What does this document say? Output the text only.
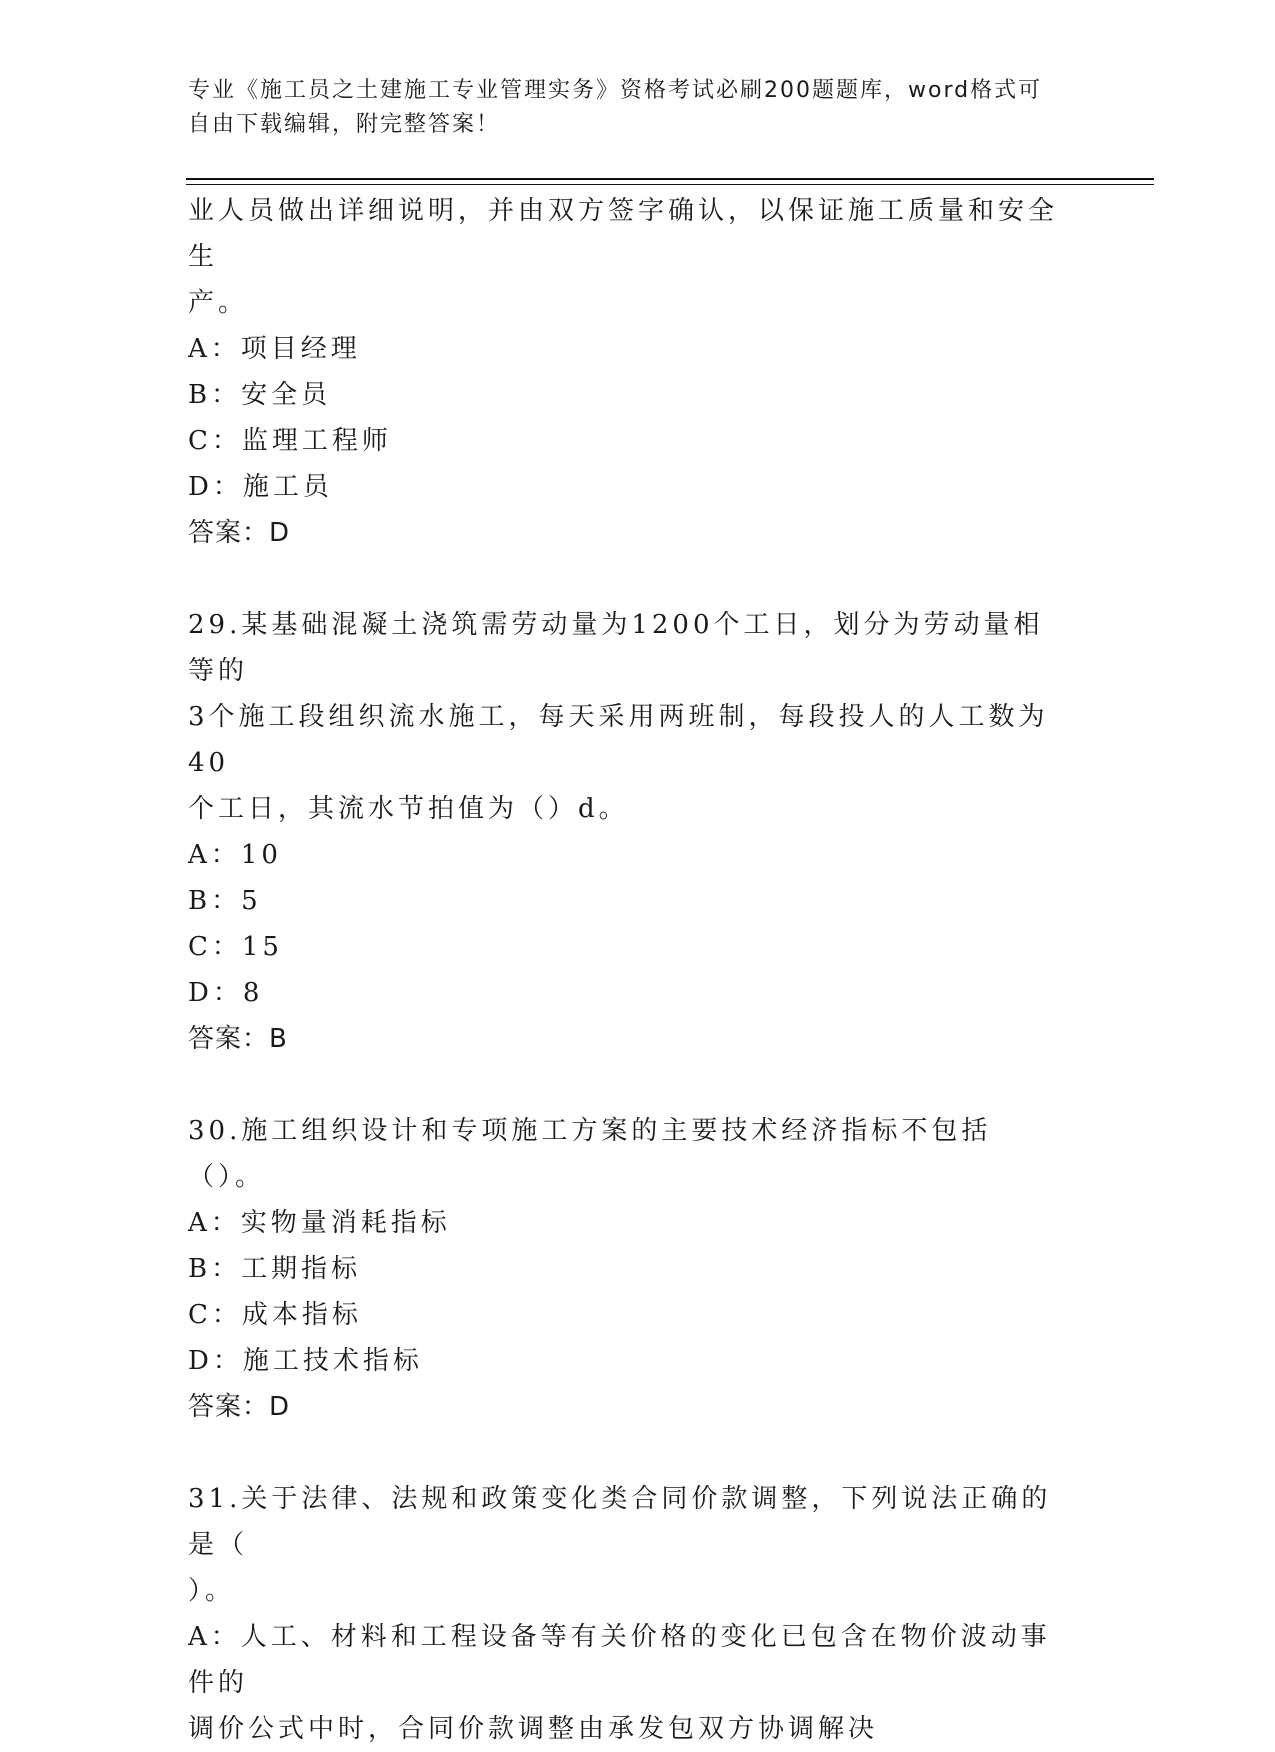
专业《施工员之土建施工专业管理实务》资格考试必刷200题题库，word格式可
自由下载编辑，附完整答案！
业人员做出详细说明，并由双方签字确认，以保证施工质量和安全生
产。
A：项目经理
B：安全员
C：监理工程师
D：施工员
答案：D
29.某基础混凝土浇筑需劳动量为1200个工日，划分为劳动量相等的
3个施工段组织流水施工，每天采用两班制，每段投人的人工数为40
个工日，其流水节拍值为（）d。
A：10
B：5
C：15
D：8
答案：B
30.施工组织设计和专项施工方案的主要技术经济指标不包括（）。
A：实物量消耗指标
B：工期指标
C：成本指标
D：施工技术指标
答案：D
31.关于法律、法规和政策变化类合同价款调整，下列说法正确的是（
）。
A：人工、材料和工程设备等有关价格的变化已包含在物价波动事件的
调价公式中时，合同价款调整由承发包双方协调解决
